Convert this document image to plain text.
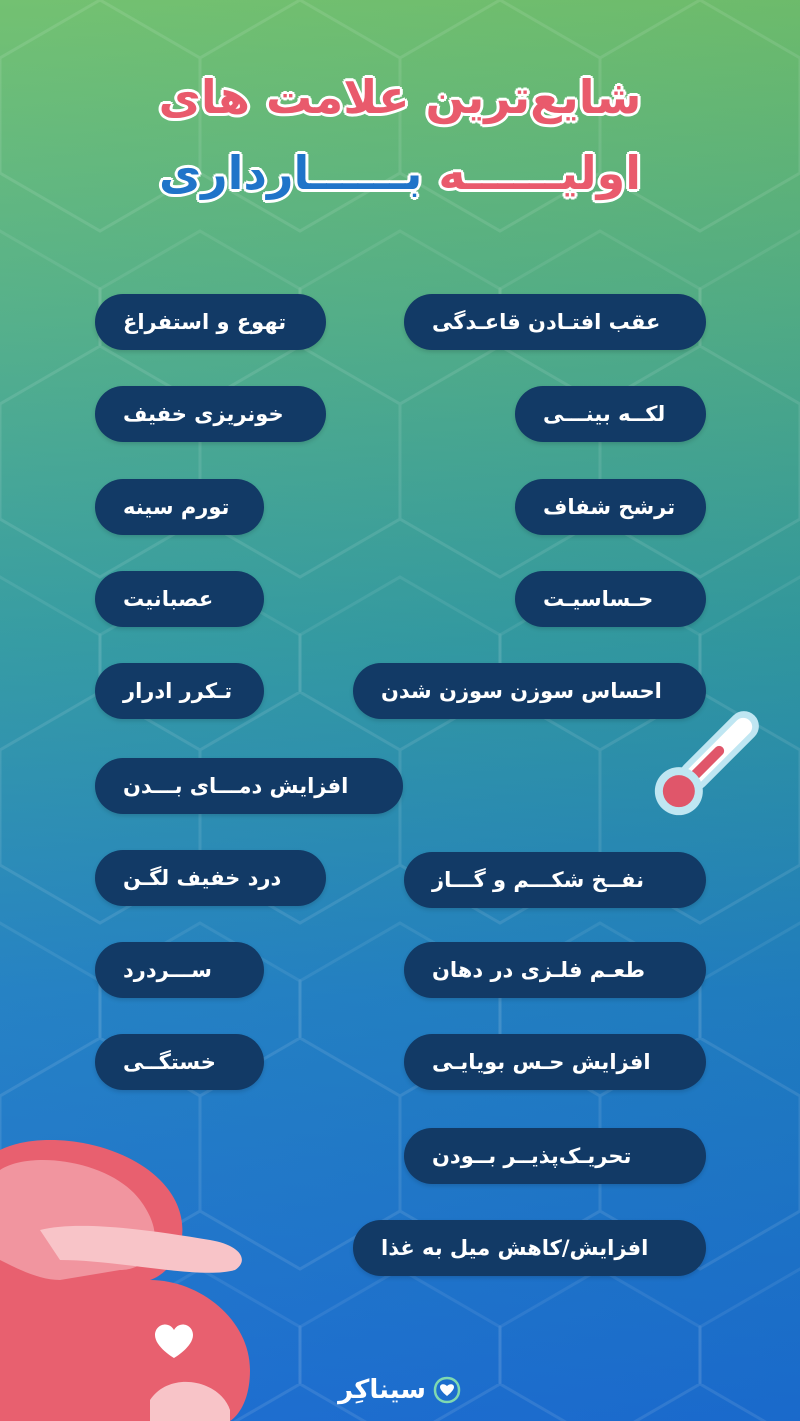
شایع‌ترین علامت های
اولیــــــه بــــــارداری
عقب افتـادن قاعـدگی
لکــه بینـــی
ترشح شفاف
حـساسیـت
احساس سوزن سوزن شدن
نفــخ شکـــم و گـــاز
طعـم فلـزی در دهان
افزایش حـس بویایـی
تحریـک‌پذیــر بــودن
افزایش/کاهش میل به غذا
تهوع و استفراغ
خونریزی خفیف
تورم سینه
عصبانیت
تـکرر ادرار
افزایش دمـــای بـــدن
درد خفیف لگـن
ســـردرد
خستگــی
سیناکِر
